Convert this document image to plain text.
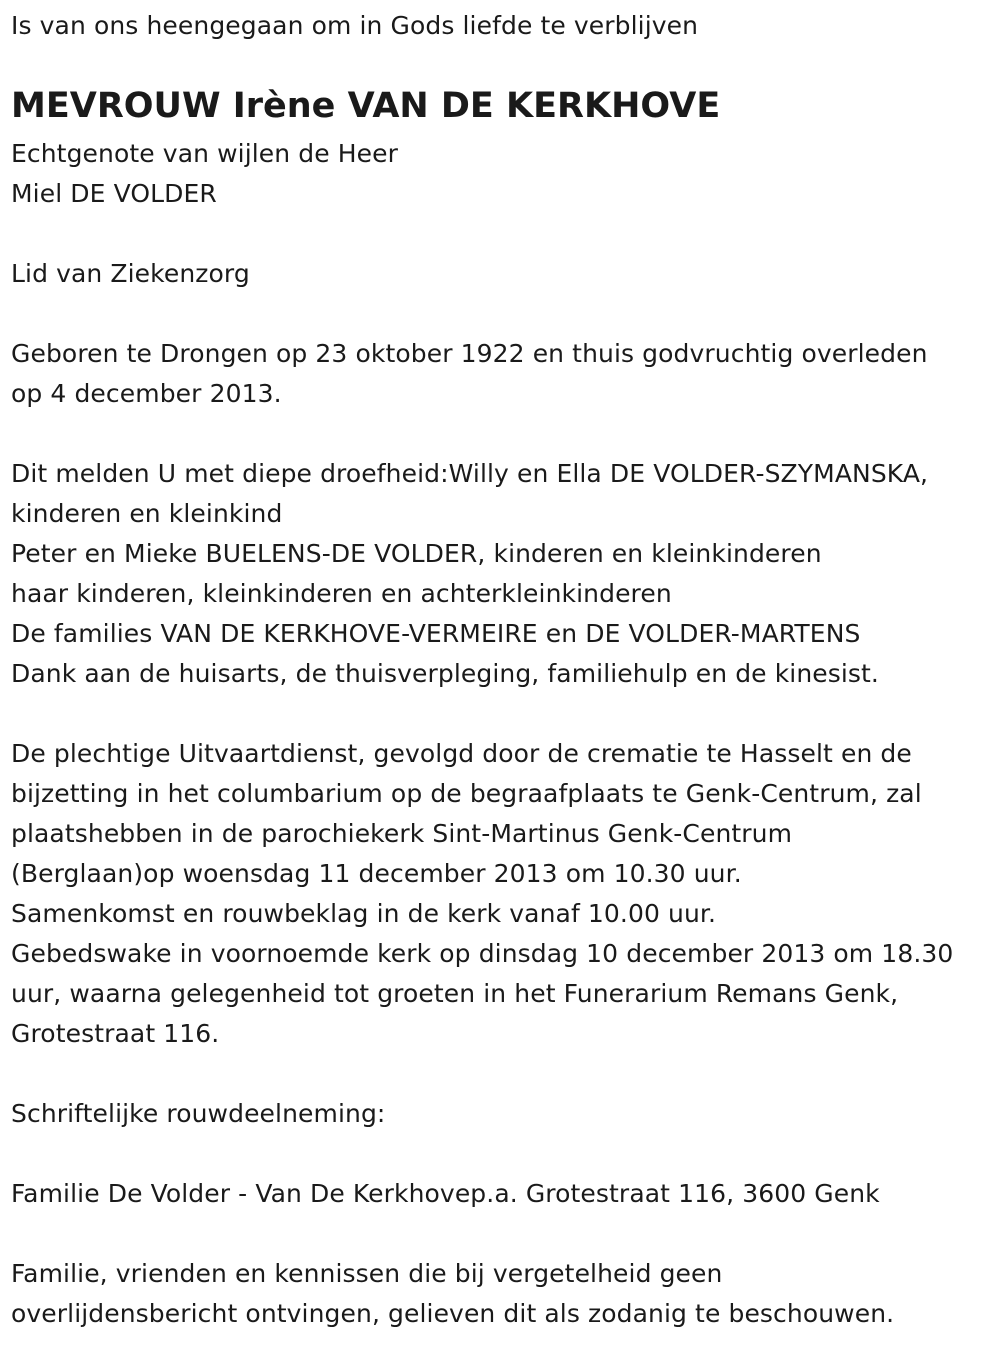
Is van ons heengegaan om in Gods liefde te verblijven

MEVROUW Irène VAN DE KERKHOVE

Echtgenote van wijlen de Heer

Miel DE VOLDER

Lid van Ziekenzorg

Geboren te Drongen op 23 oktober 1922 en thuis godvruchtig overleden

op 4 december 2013.

Dit melden U met diepe droefheid:Willy en Ella DE VOLDER-SZYMANSKA,

kinderen en kleinkind

Peter en Mieke BUELENS-DE VOLDER, kinderen en kleinkinderen

haar kinderen, kleinkinderen en achterkleinkinderen

De families VAN DE KERKHOVE-VERMEIRE en DE VOLDER-MARTENS

Dank aan de huisarts, de thuisverpleging, familiehulp en de kinesist.

De plechtige Uitvaartdienst, gevolgd door de crematie te Hasselt en de

bijzetting in het columbarium op de begraafplaats te Genk-Centrum, zal

plaatshebben in de parochiekerk Sint-Martinus Genk-Centrum

(Berglaan)op woensdag 11 december 2013 om 10.30 uur.

Samenkomst en rouwbeklag in de kerk vanaf 10.00 uur.

Gebedswake in voornoemde kerk op dinsdag 10 december 2013 om 18.30

uur, waarna gelegenheid tot groeten in het Funerarium Remans Genk,

Grotestraat 116.

Schriftelijke rouwdeelneming:

Familie De Volder - Van De Kerkhovep.a. Grotestraat 116, 3600 Genk

Familie, vrienden en kennissen die bij vergetelheid geen

overlijdensbericht ontvingen, gelieven dit als zodanig te beschouwen.
